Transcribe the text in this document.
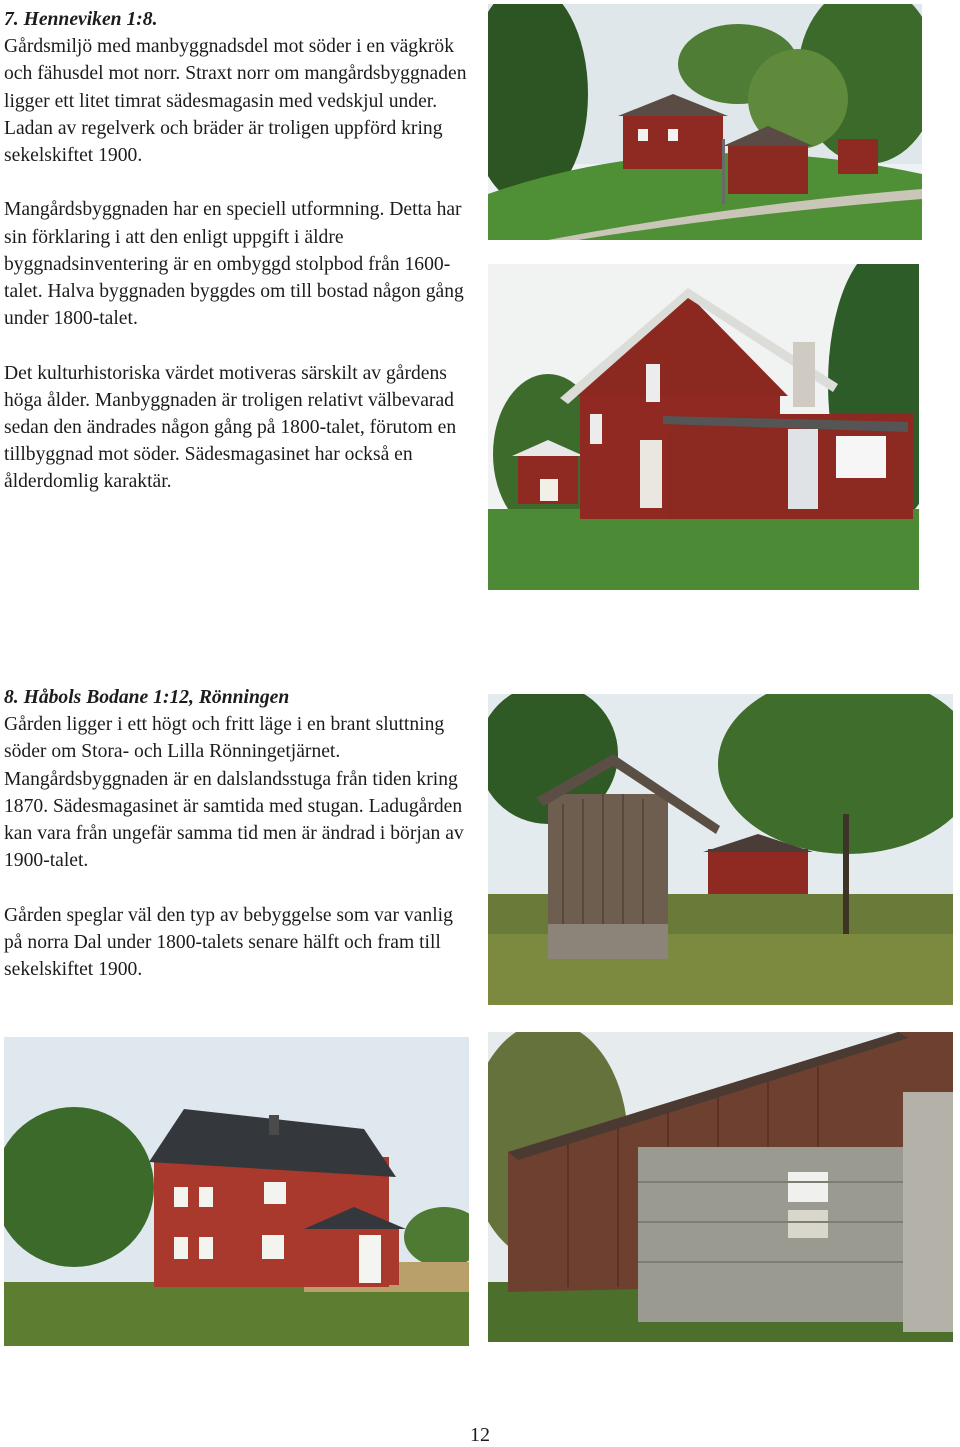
7. Henneviken 1:8.

Gårdsmiljö med manbyggnadsdel mot söder i en vägkrök och fähusdel mot norr. Straxt norr om mangårdsbyggnaden ligger ett litet timrat sädesmagasin med vedskjul under. Ladan av regelverk och bräder är troligen uppförd kring sekelskiftet 1900.

Mangårdsbyggnaden har en speciell utformning. Detta har sin förklaring i att den enligt uppgift i äldre byggnadsinventering är en ombyggd stolpbod från 1600-talet. Halva byggnaden byggdes om till bostad någon gång under 1800-talet.

Det kulturhistoriska värdet motiveras särskilt av gårdens höga ålder. Manbyggnaden är troligen relativt välbevarad sedan den ändrades någon gång på 1800-talet, förutom en tillbyggnad mot söder. Sädesmagasinet har också en ålderdomlig karaktär.

8. Håbols Bodane 1:12, Rönningen

Gården ligger i ett högt och fritt läge i en brant sluttning söder om Stora- och Lilla Rönningetjärnet. Mangårdsbyggnaden är en dalslandsstuga från tiden kring 1870. Sädesmagasinet är samtida med stugan. Ladugården kan vara från ungefär samma tid men är ändrad i början av 1900-talet.

Gården speglar väl den typ av bebyggelse som var vanlig på norra Dal under 1800-talets senare hälft och fram till sekelskiftet 1900.

12
